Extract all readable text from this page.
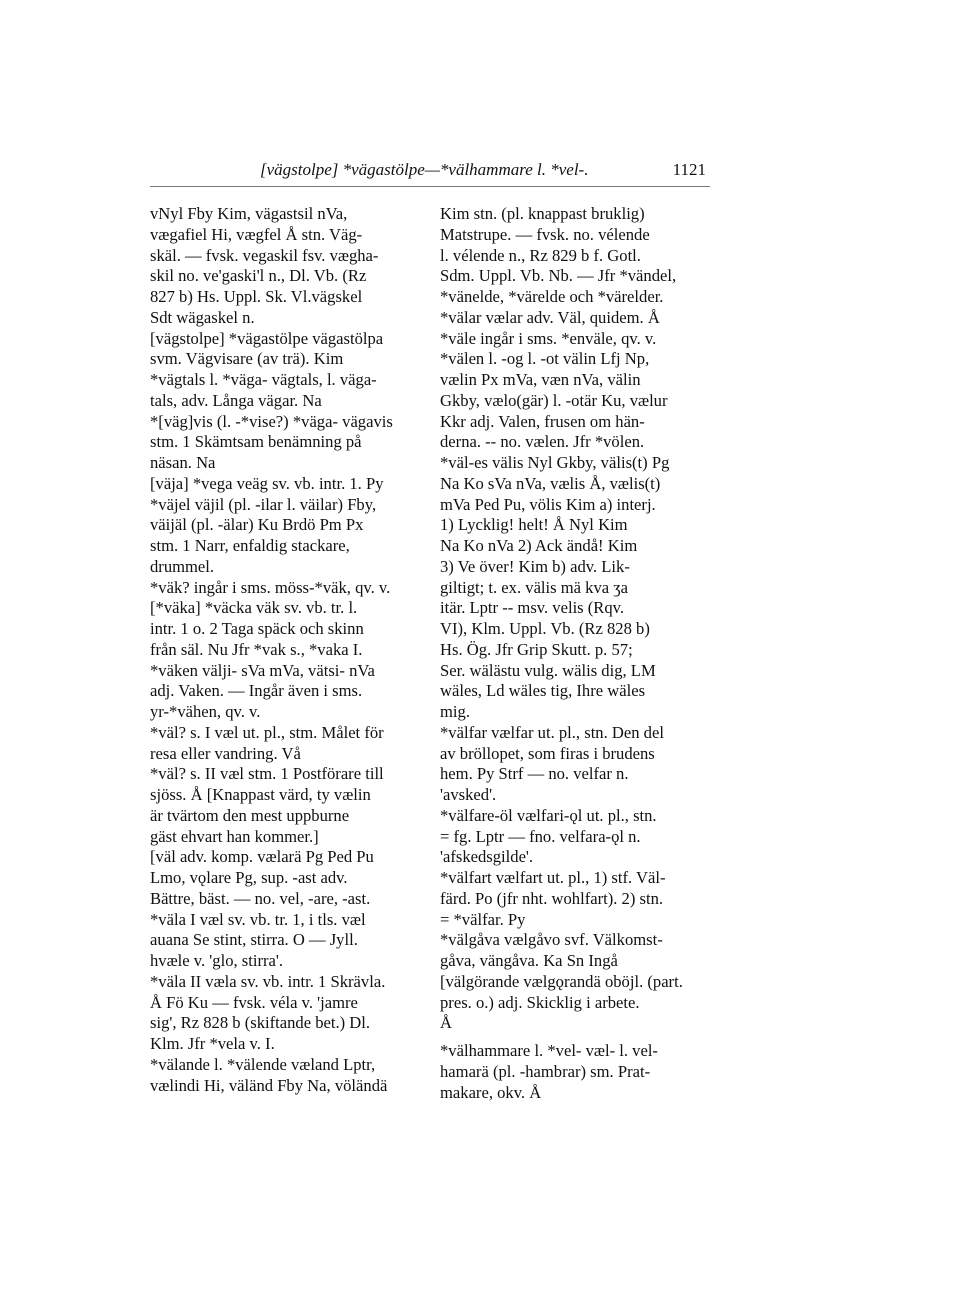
[vägstolpe] *vägastölpe—*välhammare l. *vel-.	1121
vNyl Fby Kim, vägastsil nVa,
vægafiel Hi, vægfel Å stn. Väg-
skäl. — fvsk. vegaskil fsv. vægha-
skil no. ve'gaski'l n., Dl. Vb. (Rz
827 b) Hs. Uppl. Sk. Vl.vägskel
Sdt wägaskel n.
[vägstolpe] *vägastölpe vägastölpa
svm. Vägvisare (av trä). Kim
*vägtals l. *väga- vägtals, l. väga-
tals, adv. Långa vägar. Na
*[väg]vis (l. -*vise?) *väga- vägavis
stm. 1 Skämtsam benämning på
näsan. Na
[väja] *vega veäg sv. vb. intr. 1. Py
*väjel väjil (pl. -ilar l. väilar) Fby,
väijäl (pl. -älar) Ku Brdö Pm Px
stm. 1 Narr, enfaldig stackare,
drummel.
*väk? ingår i sms. möss-*väk, qv. v.
[*väka] *väcka väk sv. vb. tr. l.
intr. 1 o. 2 Taga späck och skinn
från säl. Nu Jfr *vak s., *vaka I.
*väken välji- sVa mVa, vätsi- nVa
adj. Vaken. — Ingår även i sms.
yr-*vähen, qv. v.
*väl? s. I væl ut. pl., stm. Målet för
resa eller vandring. Vå
*väl? s. II væl stm. 1 Postförare till
sjöss. Å [Knappast värd, ty vælin
är tvärtom den mest uppburne
gäst ehvart han kommer.]
[väl adv. komp. vælarä Pg Ped Pu
Lmo, vǫlare Pg, sup. -ast adv.
Bättre, bäst. — no. vel, -are, -ast.
*väla I væl sv. vb. tr. 1, i tls. væl
auana Se stint, stirra. O — Jyll.
hvæle v. 'glo, stirra'.
*väla II væla sv. vb. intr. 1 Skrävla.
Å Fö Ku — fvsk. véla v. 'jamre
sig', Rz 828 b (skiftande bet.) Dl.
Klm. Jfr *vela v. I.
*välande l. *välende væland Lptr,
vælindi Hi, väländ Fby Na, völändä
Kim stn. (pl. knappast bruklig)
Matstrupe. — fvsk. no. vélende
l. vélende n., Rz 829 b f. Gotl.
Sdm. Uppl. Vb. Nb. — Jfr *vändel,
*vänelde, *värelde och *värelder.
*välar vælar adv. Väl, quidem. Å
*väle ingår i sms. *enväle, qv. v.
*välen l. -og l. -ot välin Lfj Np,
vælin Px mVa, væn nVa, välin
Gkby, vælo(gär) l. -otär Ku, vælur
Kkr adj. Valen, frusen om hän-
derna. -- no. vælen. Jfr *völen.
*väl-es välis Nyl Gkby, välis(t) Pg
Na Ko sVa nVa, vælis Å, vælis(t)
mVa Ped Pu, völis Kim a) interj.
1) Lycklig! helt! Å Nyl Kim
Na Ko nVa 2) Ack ändå! Kim
3) Ve över! Kim b) adv. Lik-
giltigt; t. ex. välis mä kva ʒa
itär. Lptr -- msv. velis (Rqv.
VI), Klm. Uppl. Vb. (Rz 828 b)
Hs. Ög. Jfr Grip Skutt. p. 57;
Ser. wälästu vulg. wälis dig, LM
wäles, Ld wäles tig, Ihre wäles
mig.
*välfar vælfar ut. pl., stn. Den del
av bröllopet, som firas i brudens
hem. Py Strf — no. velfar n.
'avsked'.
*välfare-öl vælfari-ǫl ut. pl., stn.
= fg. Lptr — fno. velfara-ǫl n.
'afskedsgilde'.
*välfart vælfart ut. pl., 1) stf. Väl-
färd. Po (jfr nht. wohlfart). 2) stn.
= *välfar. Py
*välgåva vælgåvo svf. Välkomst-
gåva, vängåva. Ka Sn Ingå
[välgörande vælgǫrandä oböjl. (part.
pres. o.) adj. Skicklig i arbete.
Å
*välhammare l. *vel- væl- l. vel-
hamarä (pl. -hambrar) sm. Prat-
makare, okv. Å
